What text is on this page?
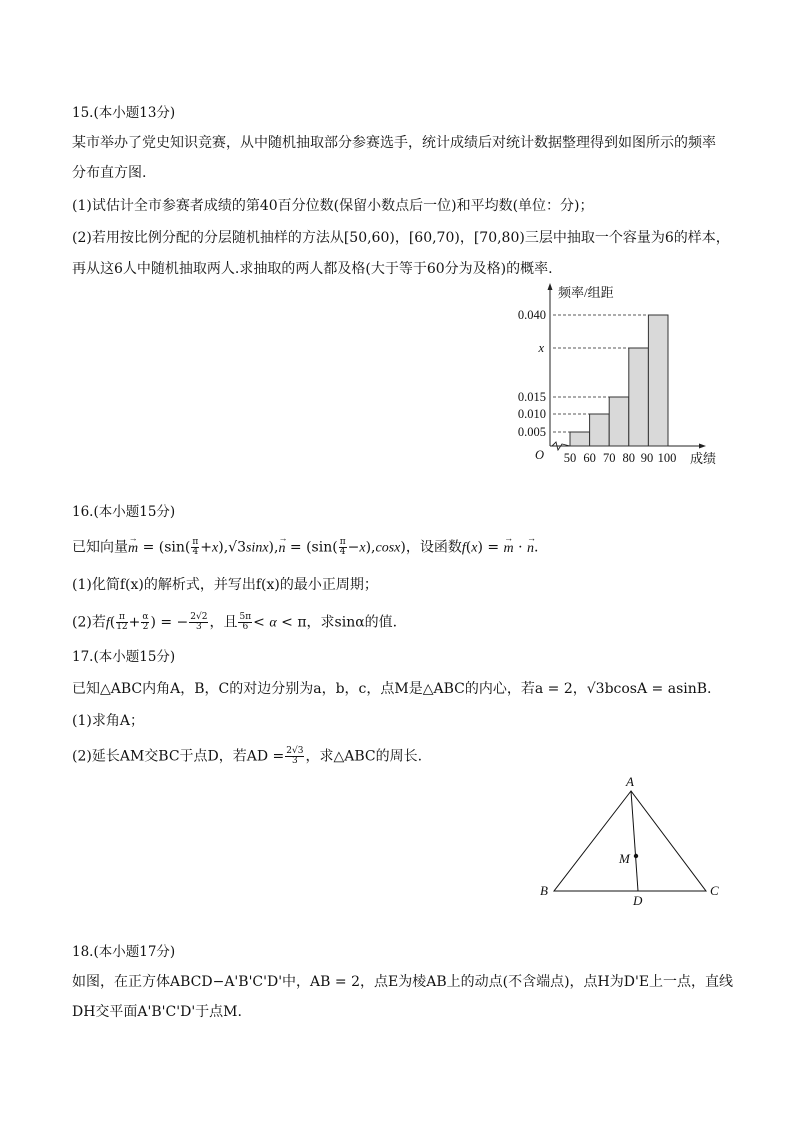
15.(本小题13分)
某市举办了党史知识竞赛，从中随机抽取部分参赛选手，统计成绩后对统计数据整理得到如图所示的频率
分布直方图.
(1)试估计全市参赛者成绩的第40百分位数(保留小数点后一位)和平均数(单位：分)；
(2)若用按比例分配的分层随机抽样的方法从[50,60)，[60,70)，[70,80)三层中抽取一个容量为6的样本，
再从这6人中随机抽取两人.求抽取的两人都及格(大于等于60分为及格)的概率.
0.005
0.010
0.015
x
0.040
频率/组距
O 50 60 70 80 90 100 成绩
16.(本小题15分)
已知向量→ $m = (\sin( \frac{\pi}{4} +x),√3\sin x),\to n = (\sin( \frac{\pi}{4} -x),\cos x)$，设函数f(x) = → m · → n.
(1)化简f(x)的解析式，并写出f(x)的最小正周期；
(2)若$f( \frac{\pi}{12} + \frac{\alpha}{2}$ ) = − $\frac{2√2}{3}$ ，且 $\frac{5\pi}{6} < \alpha < \pi$，求sinα的值.
17.(本小题15分)
已知△ABC内角A，B，C的对边分别为a，b，c，点M是△ABC的内心，若a = 2，√3bcosA = asinB.
(1)求角A；
(2)延长AM交BC于点D，若AD = $\frac{2√3}{3}$ ，求△ABC的周长.
A
B	C
D
M
18.(本小题17分)
如图，在正方体ABCD−A'B'C'D'中，AB = 2，点E为棱AB上的动点(不含端点)，点H为D'E上一点，直线
DH交平面A'B'C'D'于点M.
